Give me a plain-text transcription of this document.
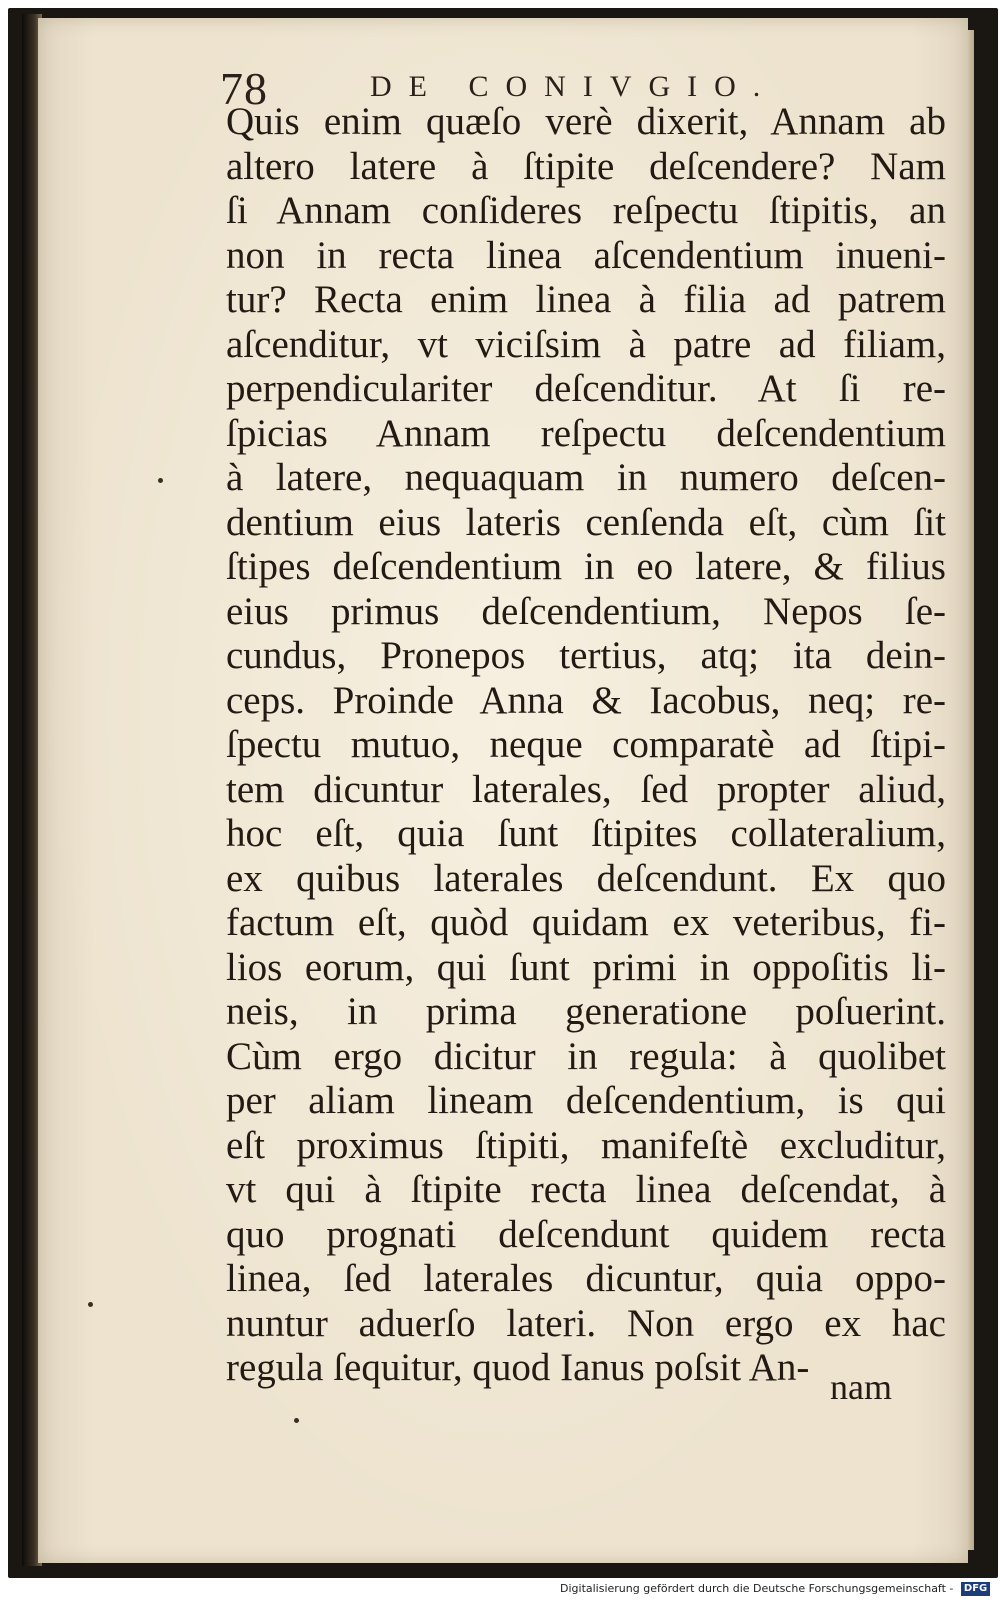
78	DE CONIVGIO.
Quis enim quæſo verè dixerit, Annam ab
altero latere à ſtipite deſcendere? Nam
ſi Annam conſideres reſpectu ſtipitis, an
non in recta linea aſcendentium inueni-
tur? Recta enim linea à filia ad patrem
aſcenditur, vt viciſsim à patre ad filiam,
perpendiculariter deſcenditur. At ſi re-
ſpicias Annam reſpectu deſcendentium
à latere, nequaquam in numero deſcen-
dentium eius lateris cenſenda eſt, cùm ſit
ſtipes deſcendentium in eo latere, & filius
eius primus deſcendentium, Nepos ſe-
cundus, Pronepos tertius, atq; ita dein-
ceps. Proinde Anna & Iacobus, neq; re-
ſpectu mutuo, neque comparatè ad ſtipi-
tem dicuntur laterales, ſed propter aliud,
hoc eſt, quia ſunt ſtipites collateralium,
ex quibus laterales deſcendunt. Ex quo
factum eſt, quòd quidam ex veteribus, fi-
lios eorum, qui ſunt primi in oppoſitis li-
neis, in prima generatione poſuerint.
Cùm ergo dicitur in regula: à quolibet
per aliam lineam deſcendentium, is qui
eſt proximus ſtipiti, manifeſtè excluditur,
vt qui à ſtipite recta linea deſcendat, à
quo prognati deſcendunt quidem recta
linea, ſed laterales dicuntur, quia oppo-
nuntur aduerſo lateri. Non ergo ex hac
regula ſequitur, quod Ianus poſsit An- nam
Digitalisierung gefördert durch die Deutsche Forschungsgemeinschaft - DFG
